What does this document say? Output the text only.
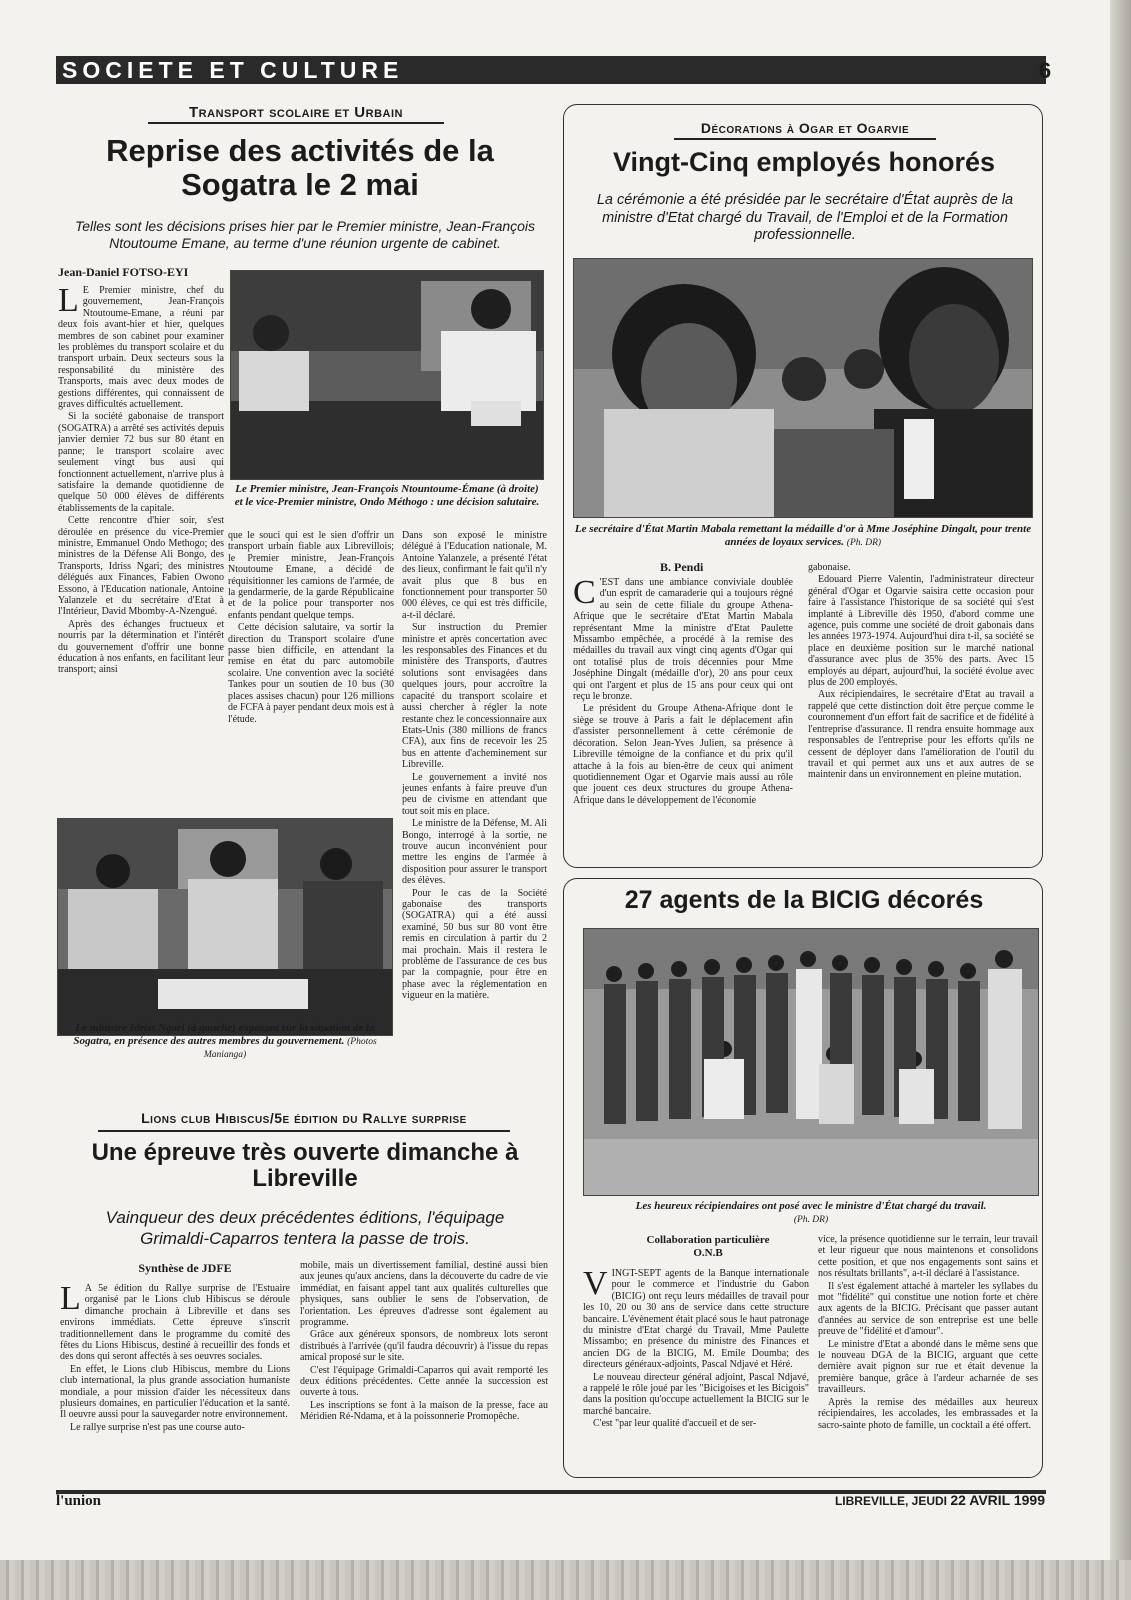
SOCIETE ET CULTURE	6
Transport scolaire et Urbain
Reprise des activités de la Sogatra le 2 mai
Telles sont les décisions prises hier par le Premier ministre, Jean-François Ntoutoume Emane, au terme d'une réunion urgente de cabinet.
Jean-Daniel FOTSO-EYI
Le Premier ministre, Jean-François Ntountoume-Émane (à droite) et le vice-Premier ministre, Ondo Méthogo : une décision salutaire.

L E Premier ministre, chef du gouvernement, Jean-François Ntoutoume-Emane, a réuni par deux fois avant-hier et hier, quelques membres de son cabinet pour examiner les problèmes du transport scolaire et du transport urbain. Deux secteurs sous la responsabilité du ministère des Transports, mais avec deux modes de gestions différentes, qui connaissent de graves difficultés actuellement.

Si la société gabonaise de transport (SOGATRA) a arrêté ses activités depuis janvier dernier 72 bus sur 80 étant en panne; le transport scolaire avec seulement vingt bus ausi qui fonctionnent actuellement, n'arrive plus à satisfaire la demande quotidienne de quelque 50 000 élèves de différents établissements de la capitale.

Cette rencontre d'hier soir, s'est déroulée en présence du vice-Premier ministre, Emmanuel Ondo Methogo; des ministres de la Défense Ali Bongo, des Transports, Idriss Ngari; des ministres délégués aux Finances, Fabien Owono Essono, à l'Education nationale, Antoine Yalanzele et du secrétaire d'Etat à l'Intérieur, David Mbomby-A-Nzengué.

Après des échanges fructueux et nourris par la détermination et l'intérêt du gouvernement d'offrir une bonne éducation à nos enfants, en facilitant leur transport; ainsi

que le souci qui est le sien d'offrir un transport urbain fiable aux Librevillois; le Premier ministre, Jean-François Ntoutoume Emane, a décidé de réquisitionner les camions de l'armée, de la gendarmerie, de la garde Républicaine et de la police pour transporter nos enfants pendant quelque temps.

Cette décision salutaire, va sortir la direction du Transport scolaire d'une passe bien difficile, en attendant la remise en état du parc automobile scolaire. Une convention avec la société Tankes pour un soutien de 10 bus (30 places assises chacun) pour 126 millions de FCFA à payer pendant deux mois est à l'étude.

Dans son exposé le ministre délégué à l'Education nationale, M. Antoine Yalanzele, a présenté l'état des lieux, confirmant le fait qu'il n'y avait plus que 8 bus en fonctionnement pour transporter 50 000 élèves, ce qui est très difficile, a-t-il déclaré.

Sur instruction du Premier ministre et après concertation avec les responsables des Finances et du ministère des Transports, d'autres solutions sont envisagées dans quelques jours, pour accroître la capacité du transport scolaire et aussi chercher à régler la note restante chez le concessionnaire aux Etats-Unis (380 millions de francs CFA), aux fins de recevoir les 25 bus en attente d'acheminement sur Libreville.

Le gouvernement a invité nos jeunes enfants à faire preuve d'un peu de civisme en attendant que tout soit mis en place.

Le ministre de la Défense, M. Ali Bongo, interrogé à la sortie, ne trouve aucun inconvénient pour mettre les engins de l'armée à disposition pour assurer le transport des élèves.

Pour le cas de la Société gabonaise des transports (SOGATRA) qui a été aussi examiné, 50 bus sur 80 vont être remis en circulation à partir du 2 mai prochain. Mais il restera le problème de l'assurance de ces bus par la compagnie, pour être en phase avec la réglementation en vigueur en la matière.

Le ministre Idriss Ngari (à gauche) exposant sur la situation de la Sogatra, en présence des autres membres du gouvernement. (Photos Manianga)
Décorations à Ogar et Ogarvie
Vingt-Cinq employés honorés
La cérémonie a été présidée par le secrétaire d'État auprès de la ministre d'Etat chargé du Travail, de l'Emploi et de la Formation professionnelle.
Le secrétaire d'État Martin Mabala remettant la médaille d'or à Mme Joséphine Dingalt, pour trente années de loyaux services. (Ph. DR)
B. Pendi

C 'EST dans une ambiance conviviale doublée d'un esprit de camaraderie qui a toujours régné au sein de cette filiale du groupe Athena-Afrique que le secrétaire d'Etat Martin Mabala représentant Mme la ministre d'Etat Paulette Missambo empêchée, a procédé à la remise des médailles du travail aux vingt cinq agents d'Ogar qui ont totalisé plus de trois décennies pour Mme Joséphine Dingalt (médaille d'or), 20 ans pour ceux qui ont l'argent et plus de 15 ans pour ceux qui ont reçu le bronze.

Le président du Groupe Athena-Afrique dont le siège se trouve à Paris a fait le déplacement afin d'assister personnellement à cette cérémonie de décoration. Selon Jean-Yves Julien, sa présence à Libreville témoigne de la confiance et du prix qu'il attache à la fois au bien-être de ceux qui animent quotidiennement Ogar et Ogarvie mais aussi au rôle que jouent ces deux structures du groupe Athena-Afrique dans le développement de l'économie

gabonaise.

Edouard Pierre Valentin, l'administrateur directeur général d'Ogar et Ogarvie saisira cette occasion pour faire à l'assistance l'historique de sa société qui s'est implanté à Libreville dès 1950, d'abord comme une agence, puis comme une société de droit gabonais dans les années 1973-1974. Aujourd'hui dira t-il, sa société se place en deuxième position sur le marché national d'assurance avec plus de 35% des parts. Avec 15 employés au départ, aujourd'hui, la société évolue avec plus de 200 employés.

Aux récipiendaires, le secrétaire d'Etat au travail a rappelé que cette distinction doit être perçue comme le couronnement d'un effort fait de sacrifice et de fidélité à l'entreprise d'assurance. Il rendra ensuite hommage aux responsables de l'entreprise pour les efforts qu'ils ne cessent de déployer dans l'amélioration de l'outil du travail et qui permet aux uns et aux autres de se maintenir dans un environnement en pleine mutation.

27 agents de la BICIG décorés
Les heureux récipiendaires ont posé avec le ministre d'État chargé du travail.
(Ph. DR)
Collaboration particulière
O.N.B

VINGT-SEPT agents de la Banque internationale pour le commerce et l'industrie du Gabon (BICIG) ont reçu leurs médailles de travail pour les 10, 20 ou 30 ans de service dans cette structure bancaire. L'évènement était placé sous le haut patronage du ministre d'Etat chargé du Travail, Mme Paulette Missambo; en présence du ministre des Finances et ancien DG de la BICIG, M. Emile Doumba; des directeurs généraux-adjoints, Pascal Ndjavé et Héré.

Le nouveau directeur général adjoint, Pascal Ndjavé, a rappelé le rôle joué par les "Bicigoises et les Bicigois" dans la position qu'occupe actuellement la BICIG sur le marché bancaire.

C'est "par leur qualité d'accueil et de ser-

vice, la présence quotidienne sur le terrain, leur travail et leur rigueur que nous maintenons et consolidons cette position, et que nos engagements sont sains et nos résultats brillants", a-t-il déclaré à l'assistance.

Il s'est également attaché à marteler les syllabes du mot "fidélité" qui constitue une notion forte et chère aux agents de la BICIG. Précisant que passer autant d'années au service de son entreprise est une belle preuve de "fidélité et d'amour".

Le ministre d'Etat a abondé dans le même sens que le nouveau DGA de la BICIG, arguant que cette dernière avait pignon sur rue et était devenue la première banque, grâce à l'ardeur acharnée de ses travailleurs.

Après la remise des médailles aux heureux récipiendaires, les accolades, les embrassades et la sacro-sainte photo de famille, un cocktail a été offert.

Lions club Hibiscus/5e édition du Rallye surprise
Une épreuve très ouverte dimanche à Libreville
Vainqueur des deux précédentes éditions, l'équipage Grimaldi-Caparros tentera la passe de trois.
Synthèse de JDFE

L A 5e édition du Rallye surprise de l'Estuaire organisé par le Lions club Hibiscus se déroule dimanche prochain à Libreville et dans ses environs immédiats. Cette épreuve s'inscrit traditionnellement dans le programme du comité des fêtes du Lions Hibiscus, destiné à recueillir des fonds et des dons qui seront affectés à ses oeuvres sociales.

En effet, le Lions club Hibiscus, membre du Lions club international, la plus grande association humaniste mondiale, a pour mission d'aider les nécessiteux dans plusieurs domaines, en particulier l'éducation et la santé. Il oeuvre aussi pour la sauvegarder notre environnement.

Le rallye surprise n'est pas une course auto-

mobile, mais un divertissement familial, destiné aussi bien aux jeunes qu'aux anciens, dans la découverte du cadre de vie immédiat, en faisant appel tant aux qualités culturelles que physiques, sans oublier le sens de l'observation, de l'orientation. Les épreuves d'adresse sont également au programme.

Grâce aux généreux sponsors, de nombreux lots seront distribués à l'arrivée (qu'il faudra découvrir) à l'issue du repas amical proposé sur le site.

C'est l'équipage Grimaldi-Caparros qui avait remporté les deux éditions précédentes. Cette année la succession est ouverte à tous.

Les inscriptions se font à la maison de la presse, face au Méridien Ré-Ndama, et à la poissonnerie Promopêche.

l'union	LIBREVILLE, JEUDI 22 AVRIL 1999
